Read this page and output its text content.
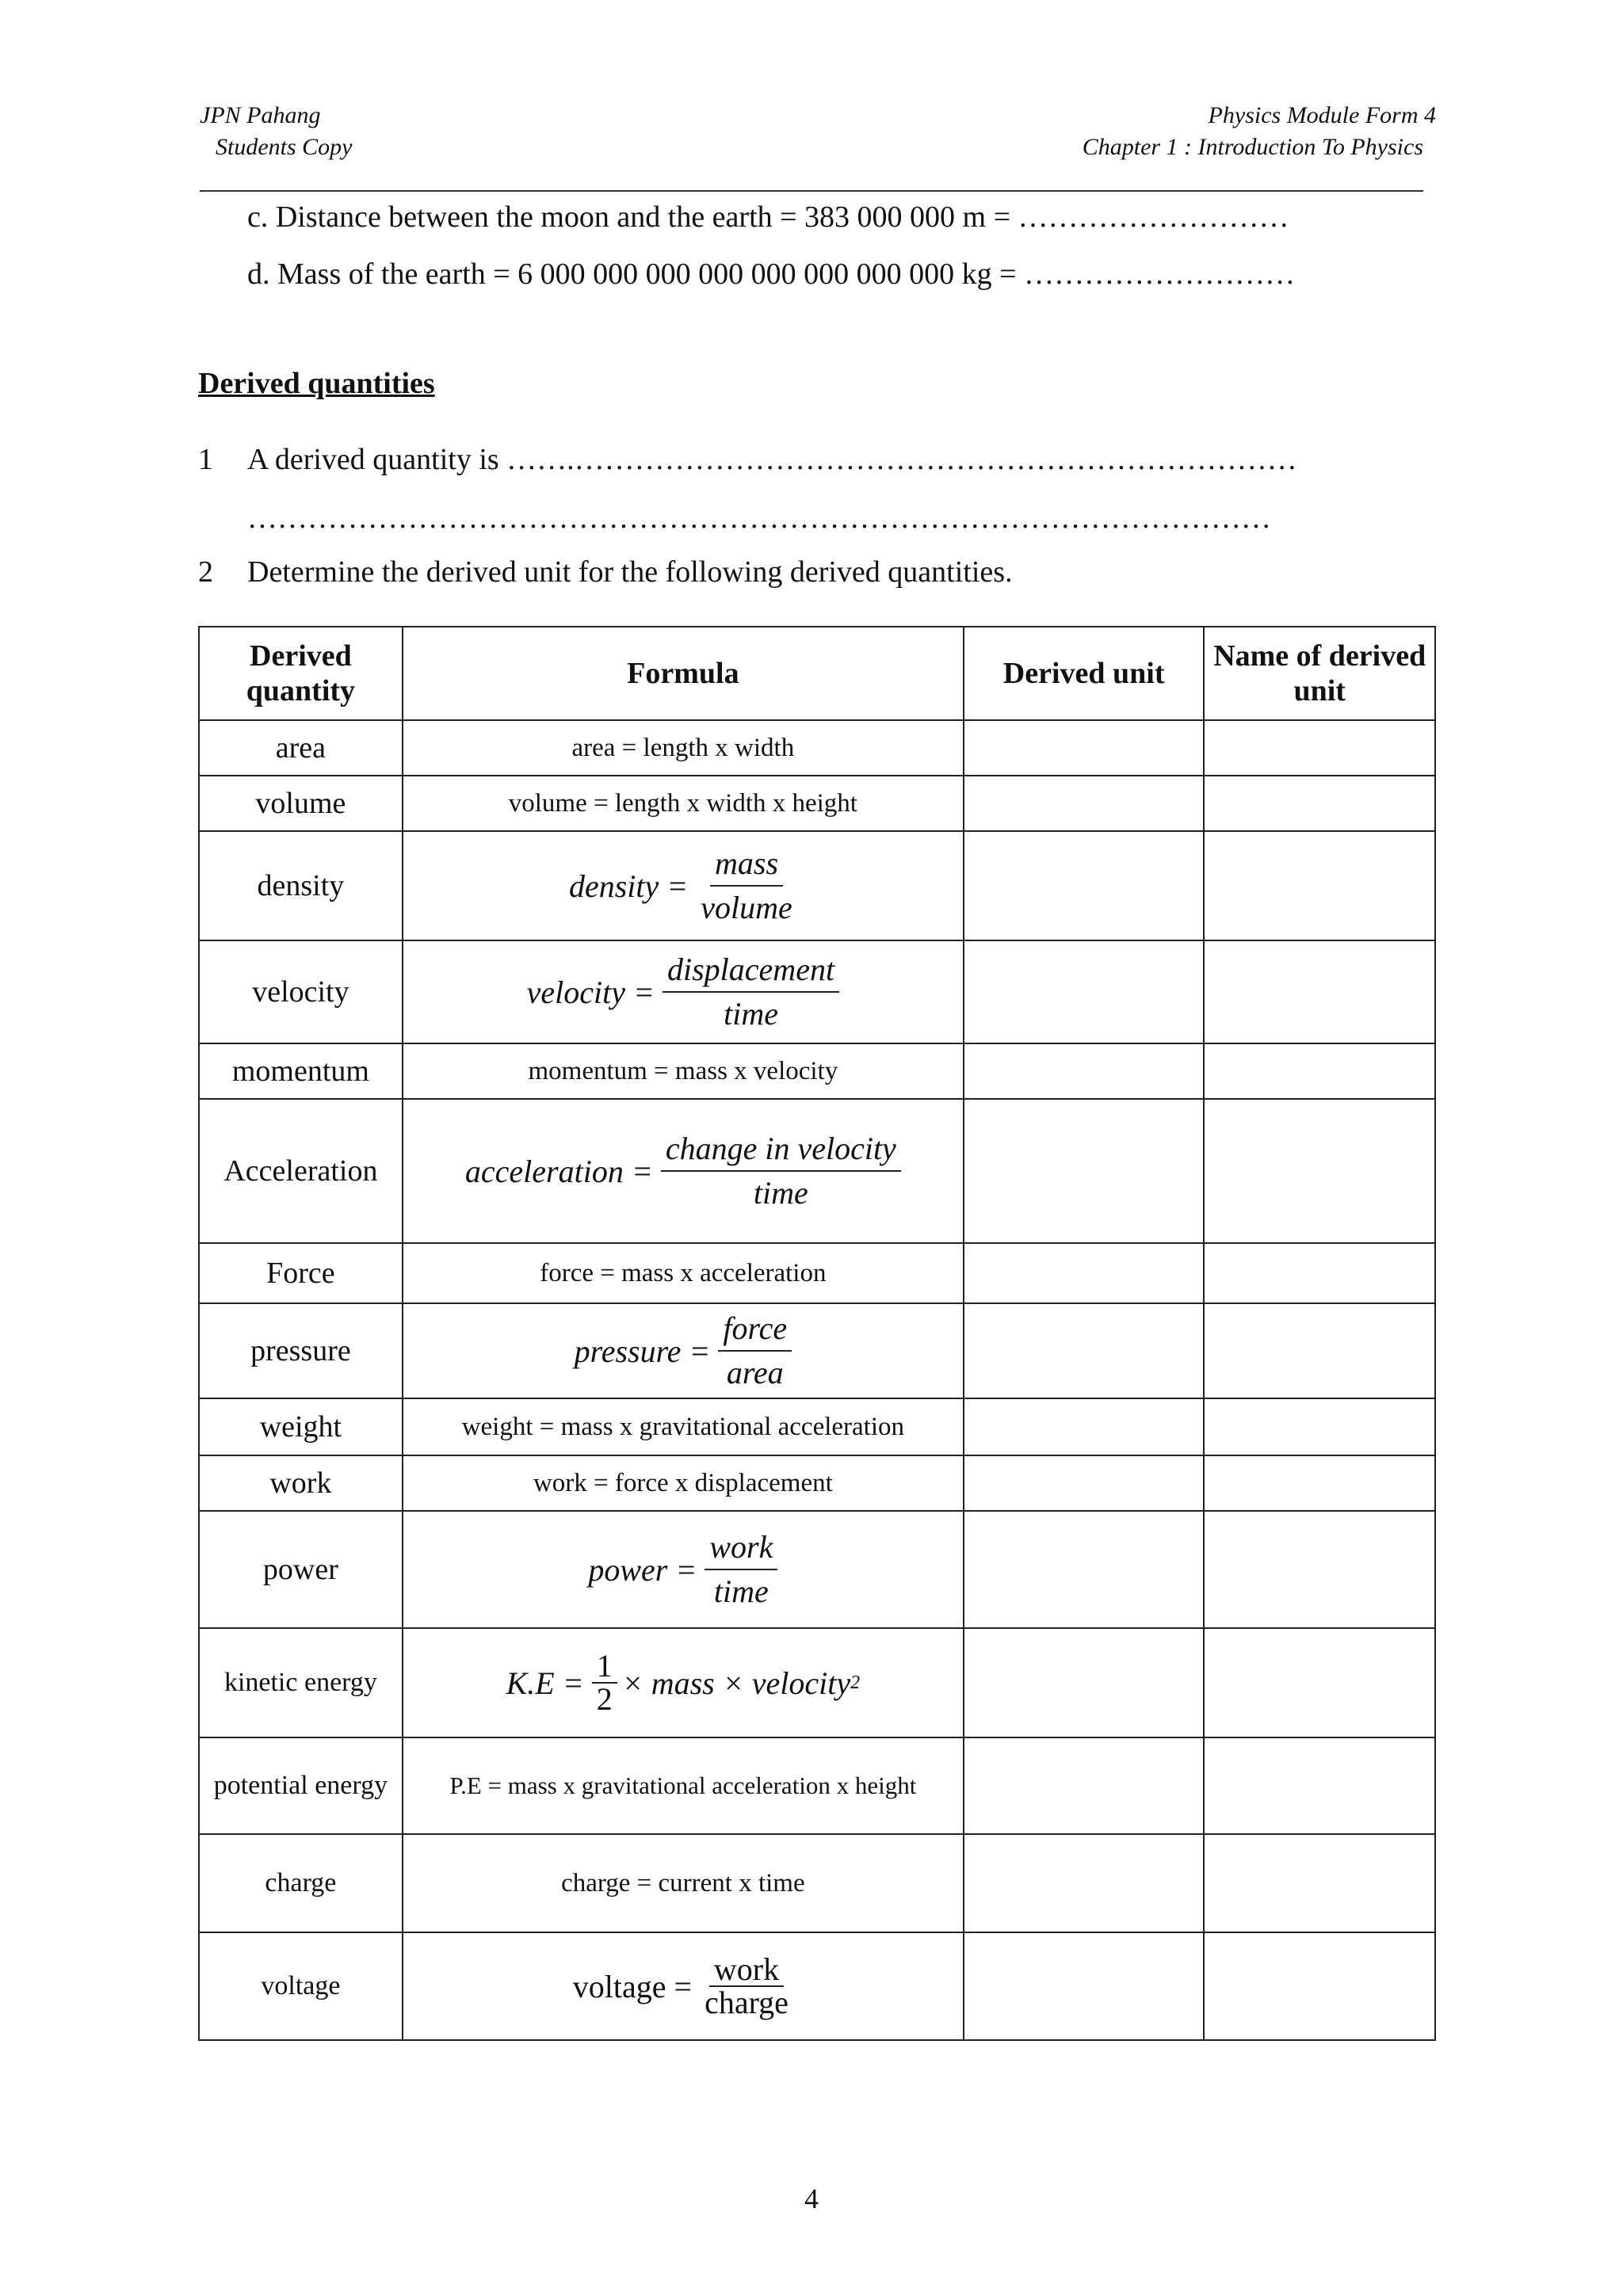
JPN Pahang
Students Copy
Physics Module Form 4
Chapter 1 : Introduction To Physics
c. Distance between the moon and the earth = 383 000 000 m = ………………………
d. Mass of the earth = 6 000 000 000 000 000 000 000 000 kg = ………………………
Derived quantities
1 A derived quantity is …….………………………………………………………………
…………………………………………………………………………………………
2 Determine the derived unit for the following derived quantities.
Derived quantity	Formula	Derived unit	Name of derived unit
area	area = length x width		
volume	volume = length x width x height		
density	density = $\frac{\text{mass}}{\text{volume}}$

velocity	velocity = $\frac{\text{displacement}}{\text{time}}$

momentum	momentum = mass x velocity		
Acceleration	acceleration = $\frac{\text{change in velocity}}{\text{time}}$

Force	force = mass x acceleration		
pressure	pressure = $\frac{\text{force}}{\text{area}}$

weight	weight = mass x gravitational acceleration		
work	work = force x displacement		
power	power = $\frac{\text{work}}{\text{time}}$

kinetic energy	$K.E = \frac{1}{2}$ × mass × velocity 2		

potential energy	P.E = mass x gravitational acceleration x height		
charge	charge = current x time		
voltage	voltage = $\frac{\text{work}}{\text{charge}}$

4
